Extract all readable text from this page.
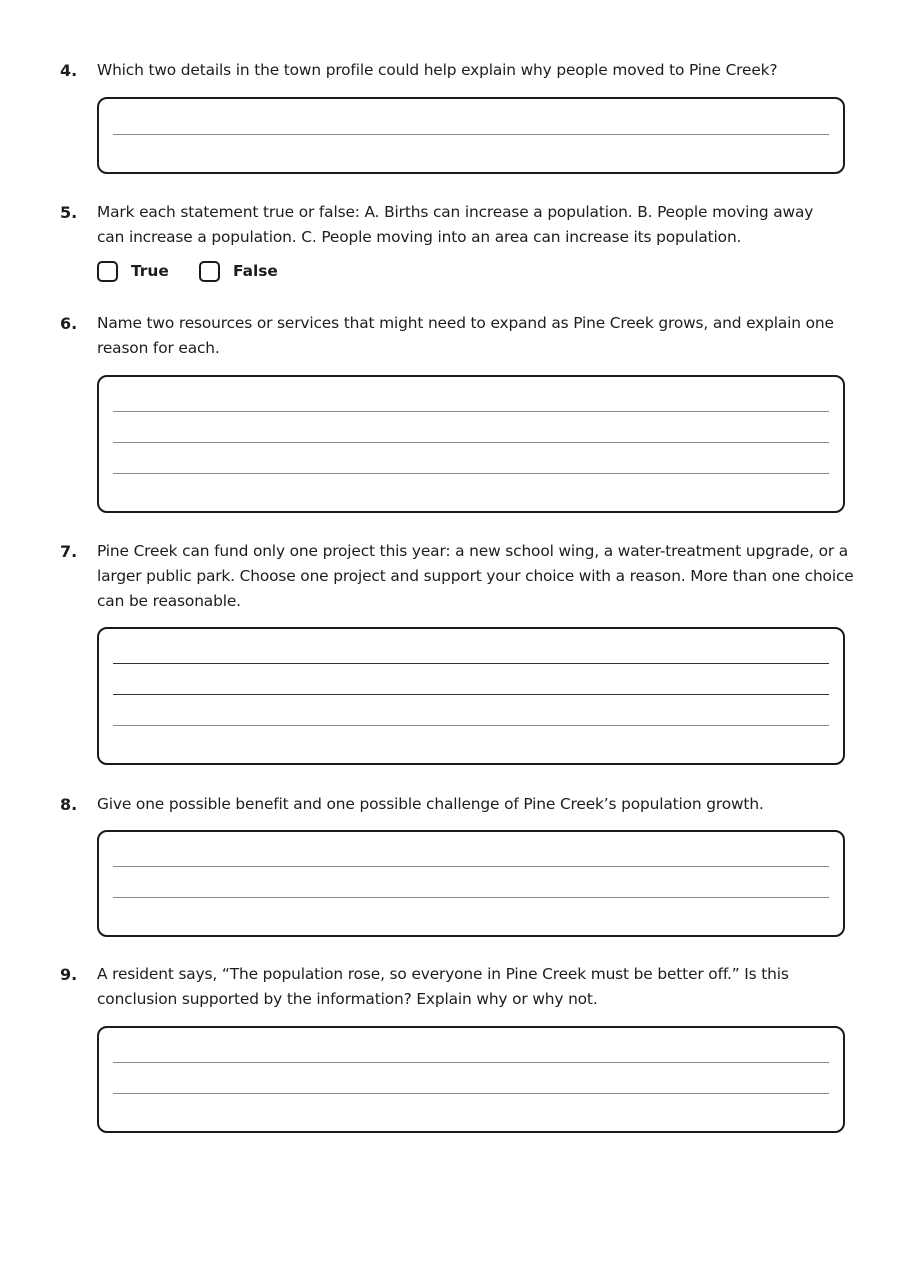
4. Which two details in the town profile could help explain why people moved to Pine Creek?
5. Mark each statement true or false: A. Births can increase a population. B. People moving away can increase a population. C. People moving into an area can increase its population.
True	False
6. Name two resources or services that might need to expand as Pine Creek grows, and explain one reason for each.
7. Pine Creek can fund only one project this year: a new school wing, a water-treatment upgrade, or a larger public park. Choose one project and support your choice with a reason. More than one choice can be reasonable.
8. Give one possible benefit and one possible challenge of Pine Creek’s population growth.
9. A resident says, “The population rose, so everyone in Pine Creek must be better off.” Is this conclusion supported by the information? Explain why or why not.
